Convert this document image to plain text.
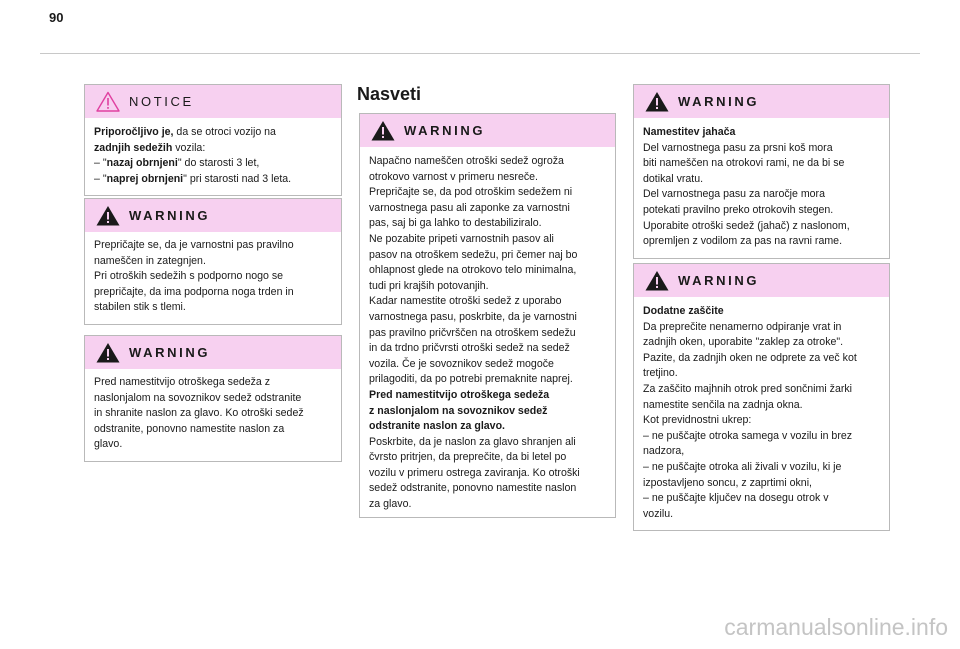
90
NOTICE

Priporočljivo je, da se otroci vozijo na

zadnjih sedežih vozila:

– "nazaj obrnjeni" do starosti 3 let,

– "naprej obrnjeni" pri starosti nad 3 leta.

WARNING

Prepričajte se, da je varnostni pas pravilno

nameščen in zategnjen.

Pri otroških sedežih s podporno nogo se

prepričajte, da ima podporna noga trden in

stabilen stik s tlemi.

WARNING

Pred namestitvijo otroškega sedeža z

naslonjalom na sovoznikov sedež odstranite

in shranite naslon za glavo. Ko otroški sedež

odstranite, ponovno namestite naslon za

glavo.

Nasveti
WARNING

Napačno nameščen otroški sedež ogroža

otrokovo varnost v primeru nesreče.

Prepričajte se, da pod otroškim sedežem ni

varnostnega pasu ali zaponke za varnostni

pas, saj bi ga lahko to destabiliziralo.

Ne pozabite pripeti varnostnih pasov ali

pasov na otroškem sedežu, pri čemer naj bo

ohlapnost glede na otrokovo telo minimalna,

tudi pri krajših potovanjih.

Kadar namestite otroški sedež z uporabo

varnostnega pasu, poskrbite, da je varnostni

pas pravilno pričvrščen na otroškem sedežu

in da trdno pričvrsti otroški sedež na sedež

vozila. Če je sovoznikov sedež mogoče

prilagoditi, da po potrebi premaknite naprej.

Pred namestitvijo otroškega sedeža

z naslonjalom na sovoznikov sedež

odstranite naslon za glavo.

Poskrbite, da je naslon za glavo shranjen ali

čvrsto pritrjen, da preprečite, da bi letel po

vozilu v primeru ostrega zaviranja. Ko otroški

sedež odstranite, ponovno namestite naslon

za glavo.

WARNING

Namestitev jahača

Del varnostnega pasu za prsni koš mora

biti nameščen na otrokovi rami, ne da bi se

dotikal vratu.

Del varnostnega pasu za naročje mora

potekati pravilno preko otrokovih stegen.

Uporabite otroški sedež (jahač) z naslonom,

opremljen z vodilom za pas na ravni rame.

WARNING

Dodatne zaščite

Da preprečite nenamerno odpiranje vrat in

zadnjih oken, uporabite "zaklep za otroke".

Pazite, da zadnjih oken ne odprete za več kot

tretjino.

Za zaščito majhnih otrok pred sončnimi žarki

namestite senčila na zadnja okna.

Kot previdnostni ukrep:

– ne puščajte otroka samega v vozilu in brez

nadzora,

– ne puščajte otroka ali živali v vozilu, ki je

izpostavljeno soncu, z zaprtimi okni,

– ne puščajte ključev na dosegu otrok v

vozilu.

carmanualsonline.info
